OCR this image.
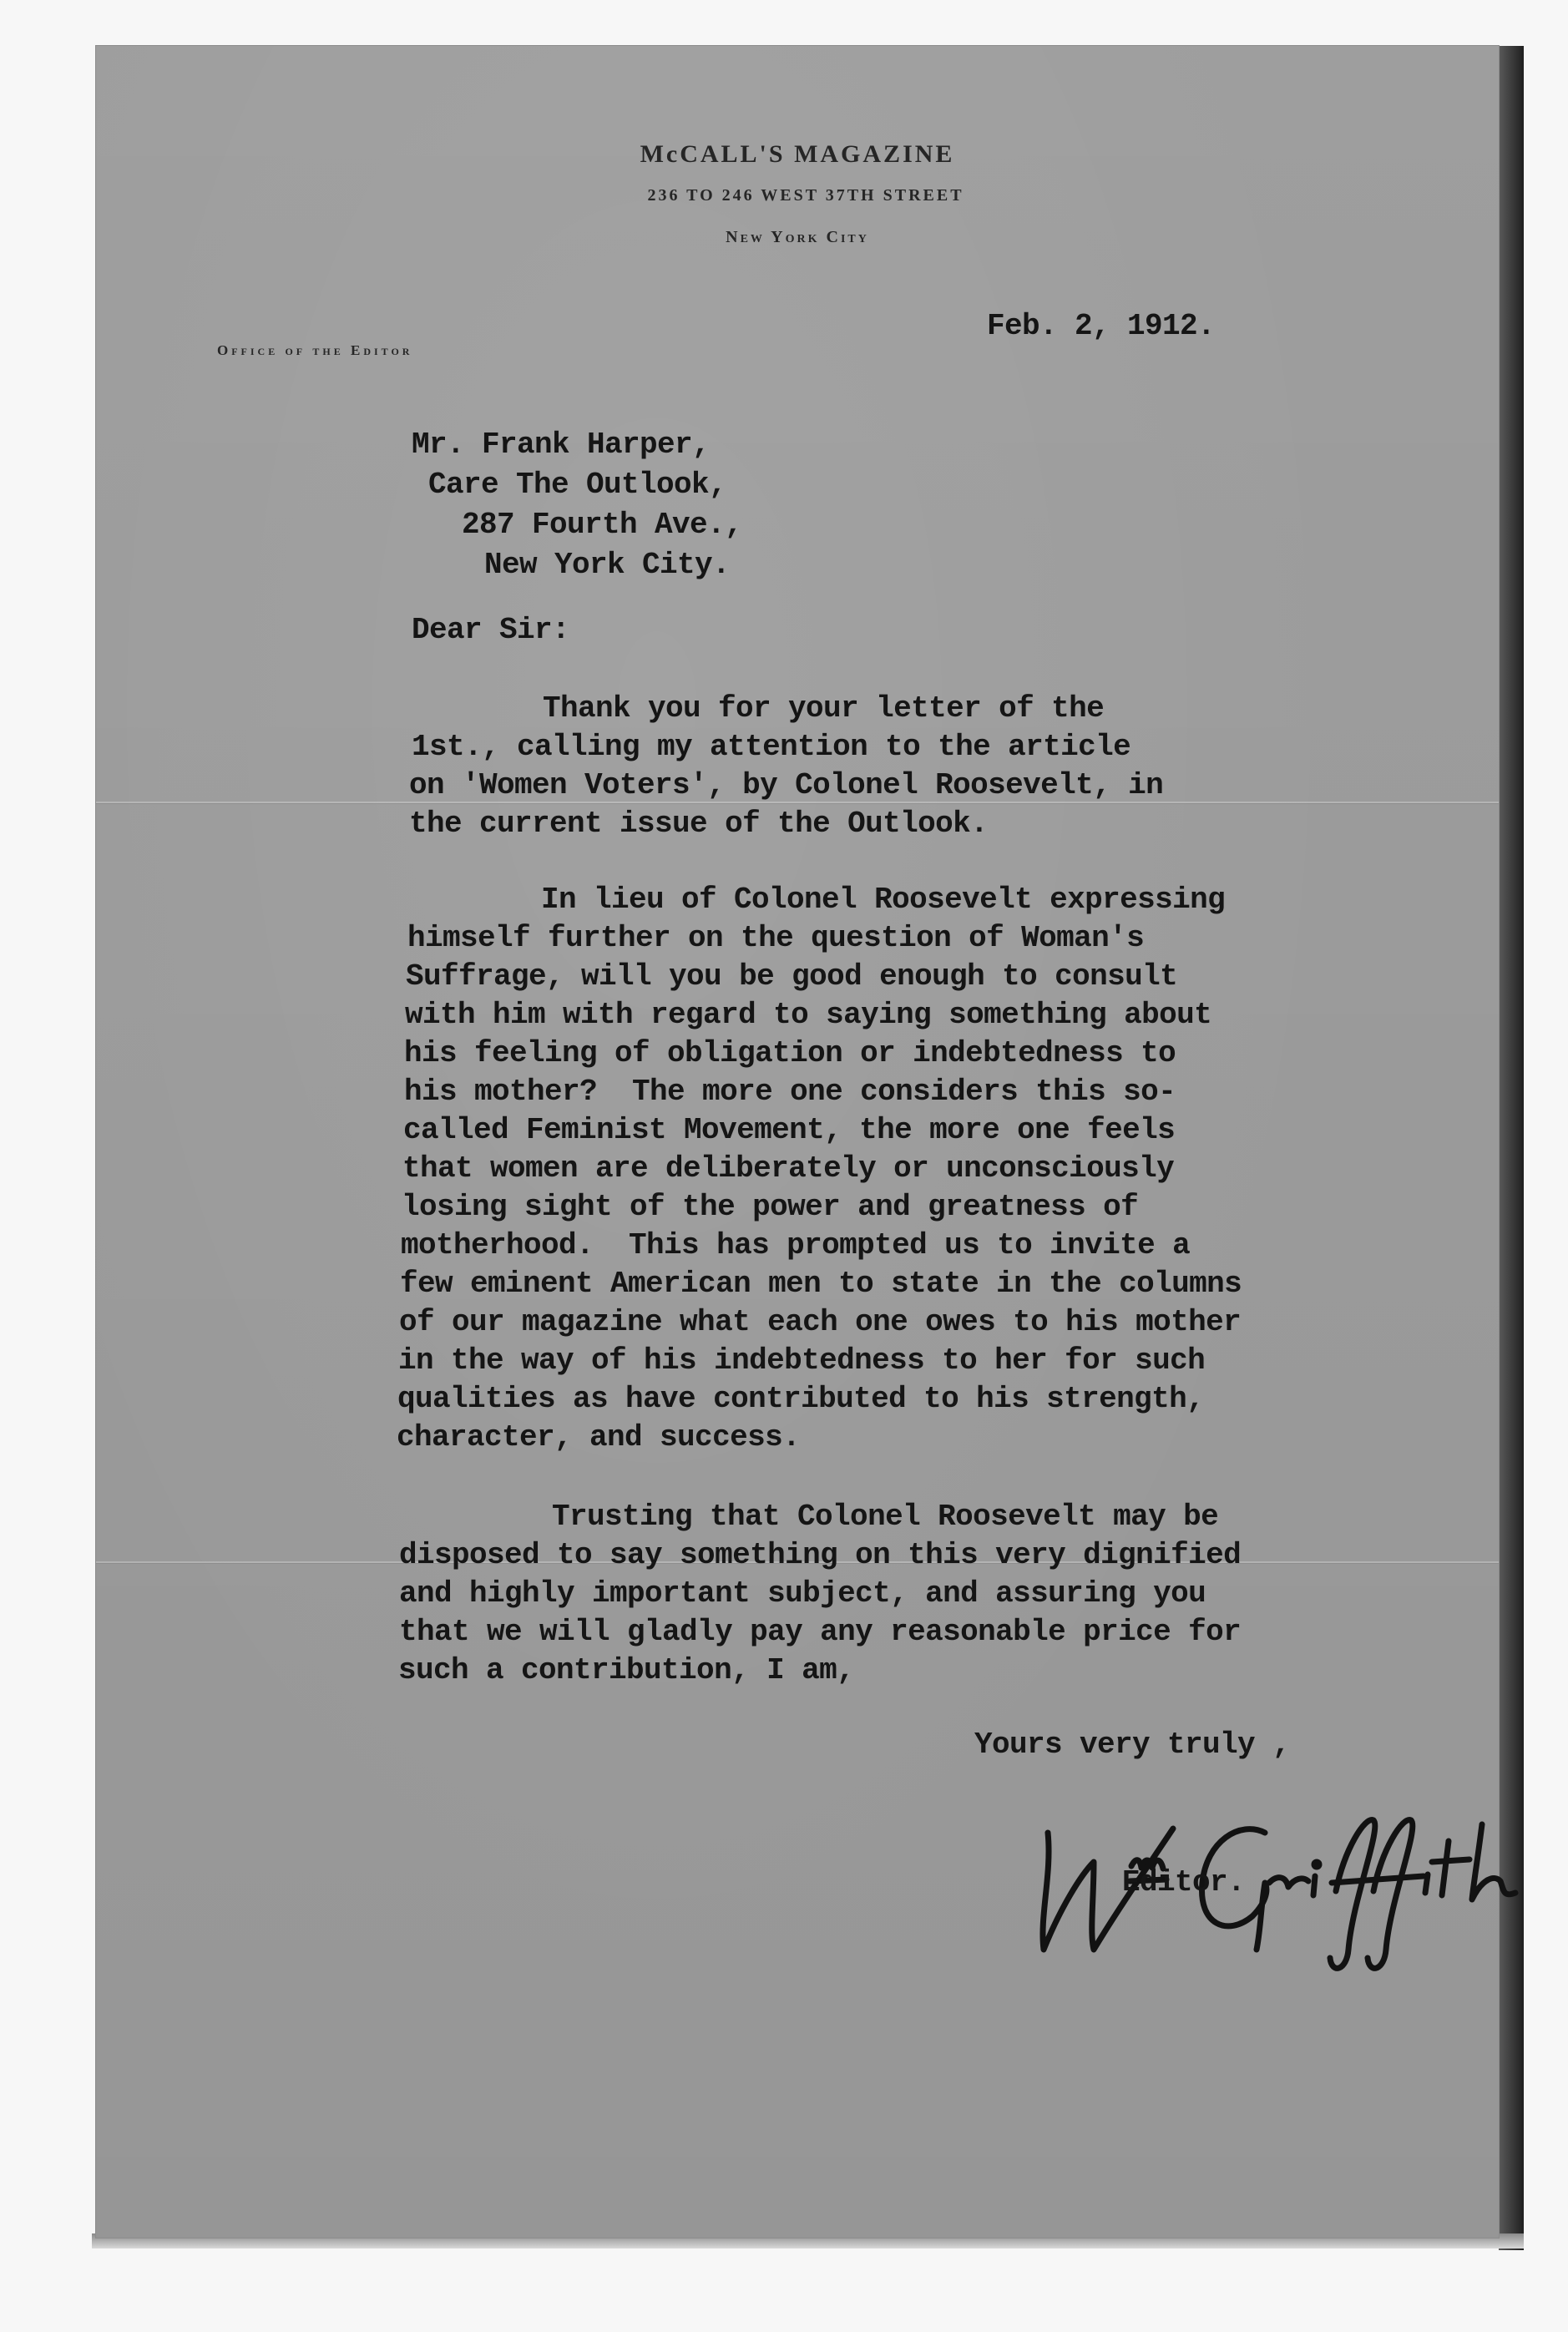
McCALL'S MAGAZINE
236 TO 246 WEST 37TH STREET
New York City
Office of the Editor
Feb. 2, 1912.
Mr. Frank Harper,
Care The Outlook,
287 Fourth Ave.,
New York City.
Dear Sir:
Thank you for your letter of the
1st., calling my attention to the article
on 'Women Voters', by Colonel Roosevelt, in
the current issue of the Outlook.
In lieu of Colonel Roosevelt expressing
himself further on the question of Woman's
Suffrage, will you be good enough to consult
with him with regard to saying something about
his feeling of obligation or indebtedness to
his mother?  The more one considers this so-
called Feminist Movement, the more one feels
that women are deliberately or unconsciously
losing sight of the power and greatness of
motherhood.  This has prompted us to invite a
few eminent American men to state in the columns
of our magazine what each one owes to his mother
in the way of his indebtedness to her for such
qualities as have contributed to his strength,
character, and success.
Trusting that Colonel Roosevelt may be
disposed to say something on this very dignified
and highly important subject, and assuring you
that we will gladly pay any reasonable price for
such a contribution, I am,
Yours very truly ,
Editor.
